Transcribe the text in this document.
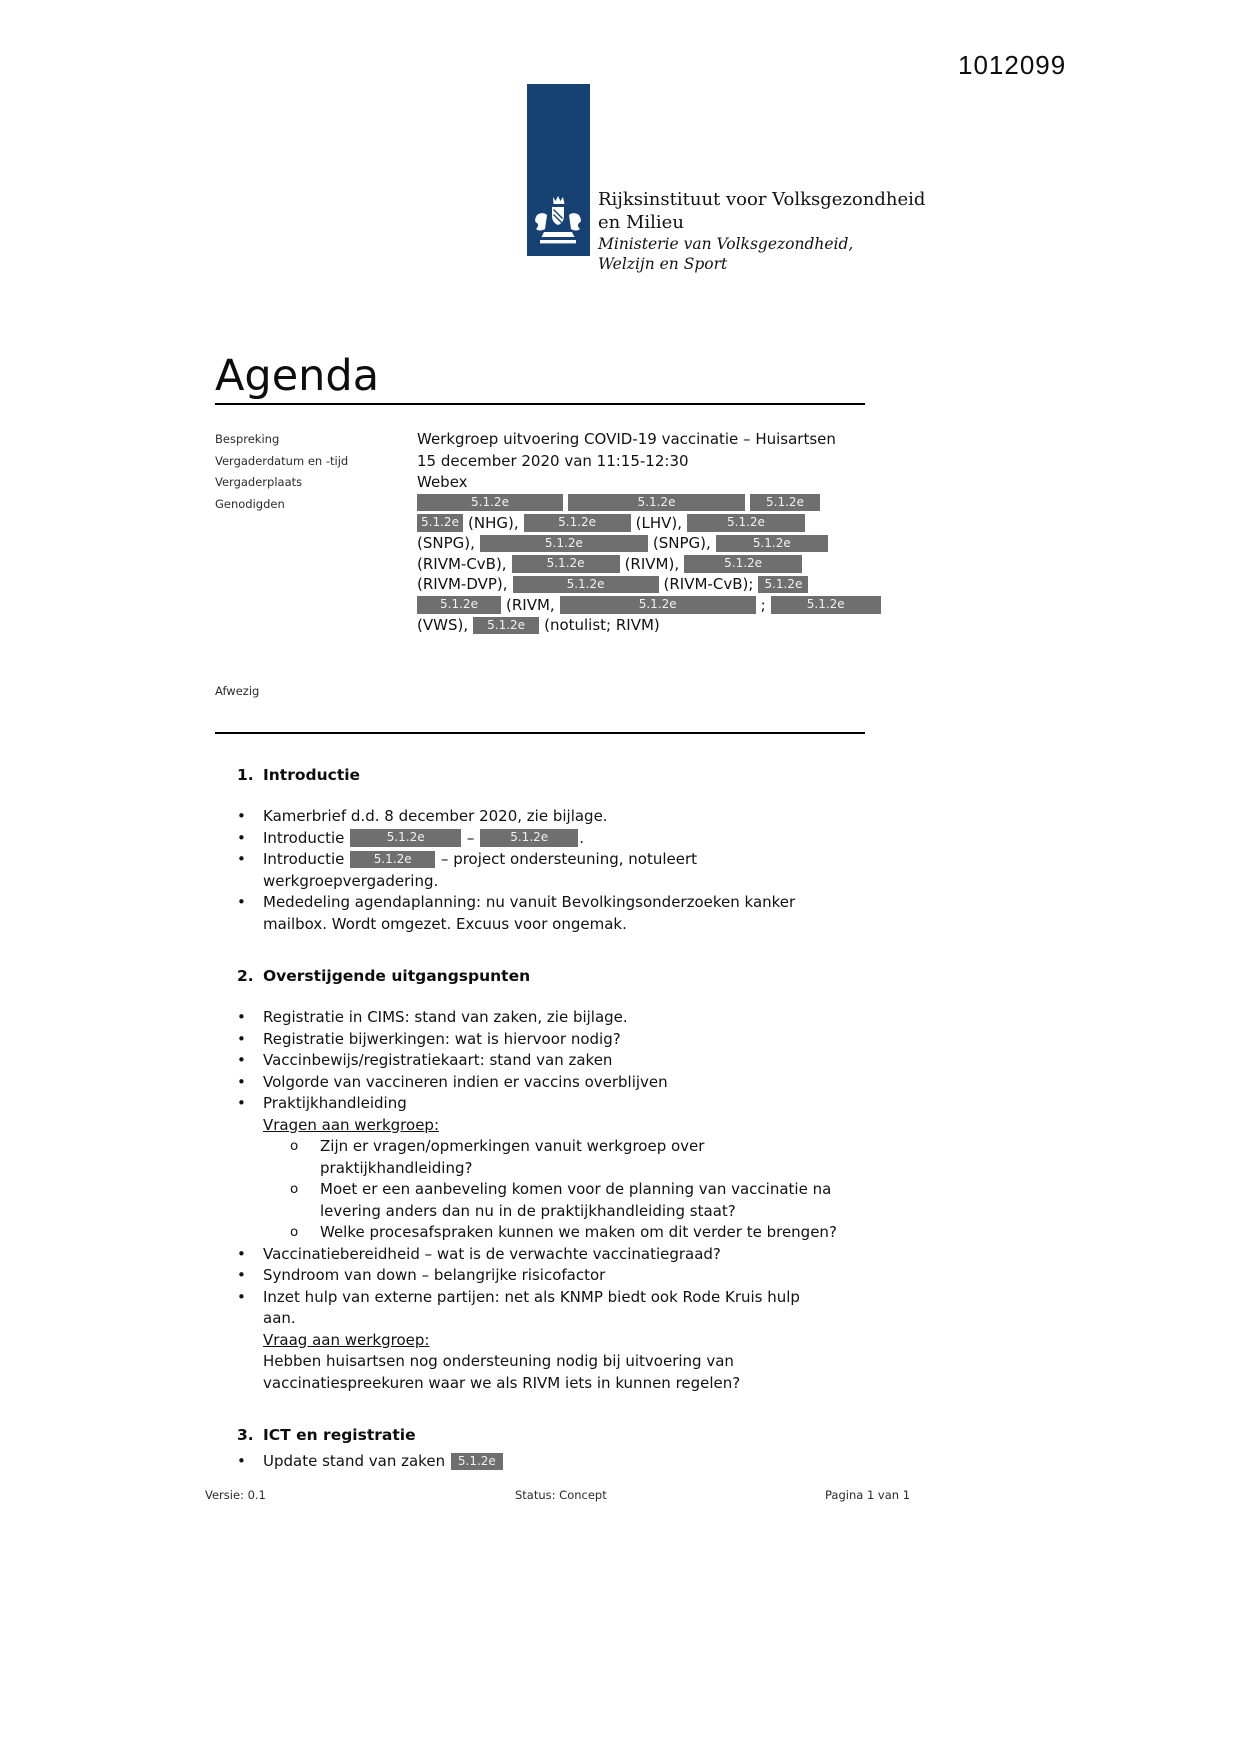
1012099
Rijksinstituut voor Volksgezondheid
en Milieu
Ministerie van Volksgezondheid,
Welzijn en Sport
Agenda
Bespreking	Werkgroep uitvoering COVID-19 vaccinatie – Huisartsen
Vergaderdatum en -tijd	15 december 2020 van 11:15-12:30
Vergaderplaats	Webex
Genodigden	5.1.2e	5.1.2e	5.1.2e
5.1.2e (NHG),	5.1.2e	(LHV),	5.1.2e
(SNPG),	5.1.2e	(SNPG),	5.1.2e
(RIVM-CvB),	5.1.2e	(RIVM),	5.1.2e
(RIVM-DVP),	5.1.2e	(RIVM-CvB); 5.1.2e
5.1.2e	(RIVM,	5.1.2e	;	5.1.2e
(VWS),	5.1.2e	(notulist; RIVM)
Afwezig
1. Introductie
•	Kamerbrief d.d. 8 december 2020, zie bijlage.
•	Introductie	5.1.2e	–	5.1.2e .
•	Introductie 5.1.2e – project ondersteuning, notuleert
werkgroepvergadering.
•	Mededeling agendaplanning: nu vanuit Bevolkingsonderzoeken kanker
mailbox. Wordt omgezet. Excuus voor ongemak.
2. Overstijgende uitgangspunten
•	Registratie in CIMS: stand van zaken, zie bijlage.
•	Registratie bijwerkingen: wat is hiervoor nodig?
•	Vaccinbewijs/registratiekaart: stand van zaken
•	Volgorde van vaccineren indien er vaccins overblijven
•	Praktijkhandleiding
Vragen aan werkgroep:
o	Zijn er vragen/opmerkingen vanuit werkgroep over
praktijkhandleiding?
o	Moet er een aanbeveling komen voor de planning van vaccinatie na
levering anders dan nu in de praktijkhandleiding staat?
o	Welke procesafspraken kunnen we maken om dit verder te brengen?
•	Vaccinatiebereidheid – wat is de verwachte vaccinatiegraad?
•	Syndroom van down – belangrijke risicofactor
•	Inzet hulp van externe partijen: net als KNMP biedt ook Rode Kruis hulp
aan.
Vraag aan werkgroep:
Hebben huisartsen nog ondersteuning nodig bij uitvoering van
vaccinatiespreekuren waar we als RIVM iets in kunnen regelen?
3. ICT en registratie
•	Update stand van zaken 5.1.2e
Versie: 0.1	Status: Concept	Pagina 1 van 1
